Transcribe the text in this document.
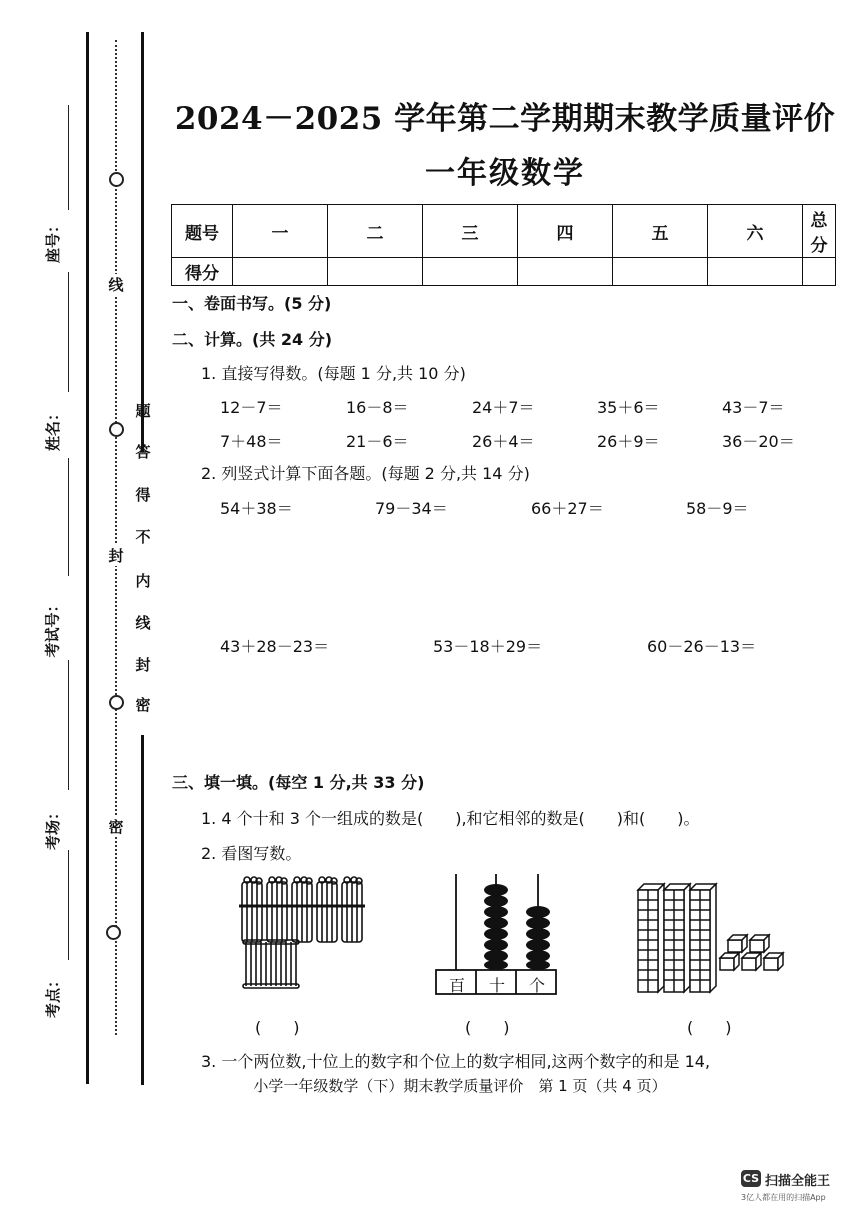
线
封
密
题
答
得
不
内
线
封
密
座号：
姓名：
考试号：
考场：
考点：
2024－2025 学年第二学期期末教学质量评价
一年级数学
题号	一	二	三	四	五	六	总分
得分							
一、卷面书写。(5 分)
二、计算。(共 24 分)
1. 直接写得数。(每题 1 分,共 10 分)
12－7＝	16－8＝	24＋7＝	35＋6＝	43－7＝
7＋48＝	21－6＝	26＋4＝	26＋9＝	36－20＝
2. 列竖式计算下面各题。(每题 2 分,共 14 分)
54＋38＝	79－34＝	66＋27＝	58－9＝
43＋28－23＝	53－18＋29＝	60－26－13＝
三、填一填。(每空 1 分,共 33 分)
1. 4 个十和 3 个一组成的数是(　　),和它相邻的数是(　　)和(　　)。
2. 看图写数。
百	十	个
(　　)	(　　)	(　　)
3. 一个两位数,十位上的数字和个位上的数字相同,这两个数字的和是 14,
小学一年级数学（下）期末教学质量评价　第 1 页（共 4 页）
CS 扫描全能王
3亿人都在用的扫描App
